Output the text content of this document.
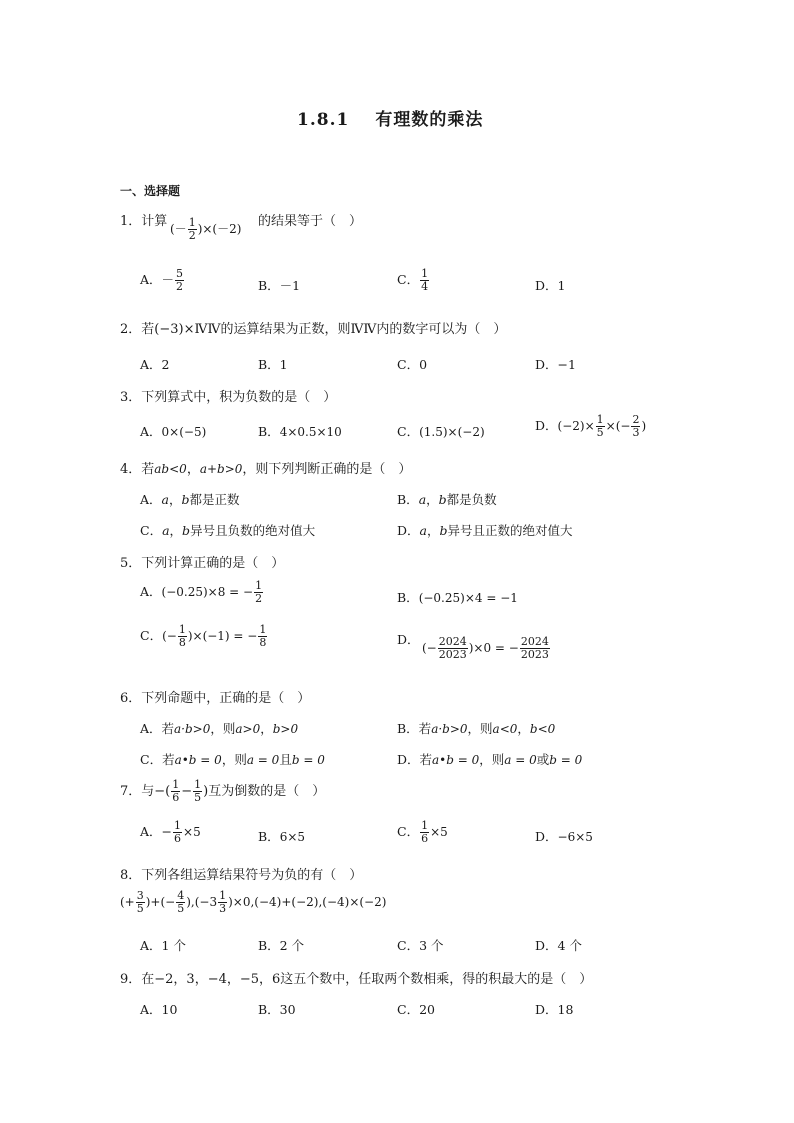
1.8.1 有理数的乘法
一、选择题
1．计算
(－ $\frac{1}{2} )\times(-2)$
的结果等于（　）
A．－ $\frac{5}{2}$	B．－1	C． $\frac{1}{4}$	D．1
2．若(−3)×ⅣⅣ的运算结果为正数，则ⅣⅣ内的数字可以为（　）
A．2	B．1	C．0	D．−1
3．下列算式中，积为负数的是（　）
A．0×(−5)	B．4×0.5×10	C．(1.5)×(−2)	D．$(-2)\times \frac{1}{5}$ ×(− $\frac{2}{3}$ )
4．若ab<0，a+b>0，则下列判断正确的是（　）
A．a，b都是正数	B．a，b都是负数
C．a，b异号且负数的绝对值大	D．a，b异号且正数的绝对值大
5．下列计算正确的是（　）
A．(−0.25)×8 = − $\frac{1}{2}$	B．(−0.25)×4 = −1
C．(− $\frac{1}{8} )\times(-1)$ = − $\frac{1}{8}$	D．
(− $\frac{2024}{2023} )\times 0$ = − $\frac{2024}{2023}$
6．下列命题中，正确的是（　）
A．若a·b>0，则a>0，b>0	B．若a·b>0，则a<0，b<0
C．若a•b = 0，则a = 0且b = 0	D．若a•b = 0，则a = 0或b = 0
7．与−( $\frac{1}{6} - \frac{1}{5}$ )互为倒数的是（　）
A．− $\frac{1}{6} \times 5$	B．6×5	C． $\frac{1}{6} \times 5$	D．−6×5
8．下列各组运算结果符号为负的有（　）
(+ $\frac{3}{5}$ )+(− $\frac{4}{5} ),(-3 \frac{1}{3} )\times 0,(-4)+(-2),(-4)\times(-2)$
A．1 个	B．2 个	C．3 个	D．4 个
9．在−2，3，−4，−5，6这五个数中，任取两个数相乘，得的积最大的是（　）
A．10	B．30	C．20	D．18
